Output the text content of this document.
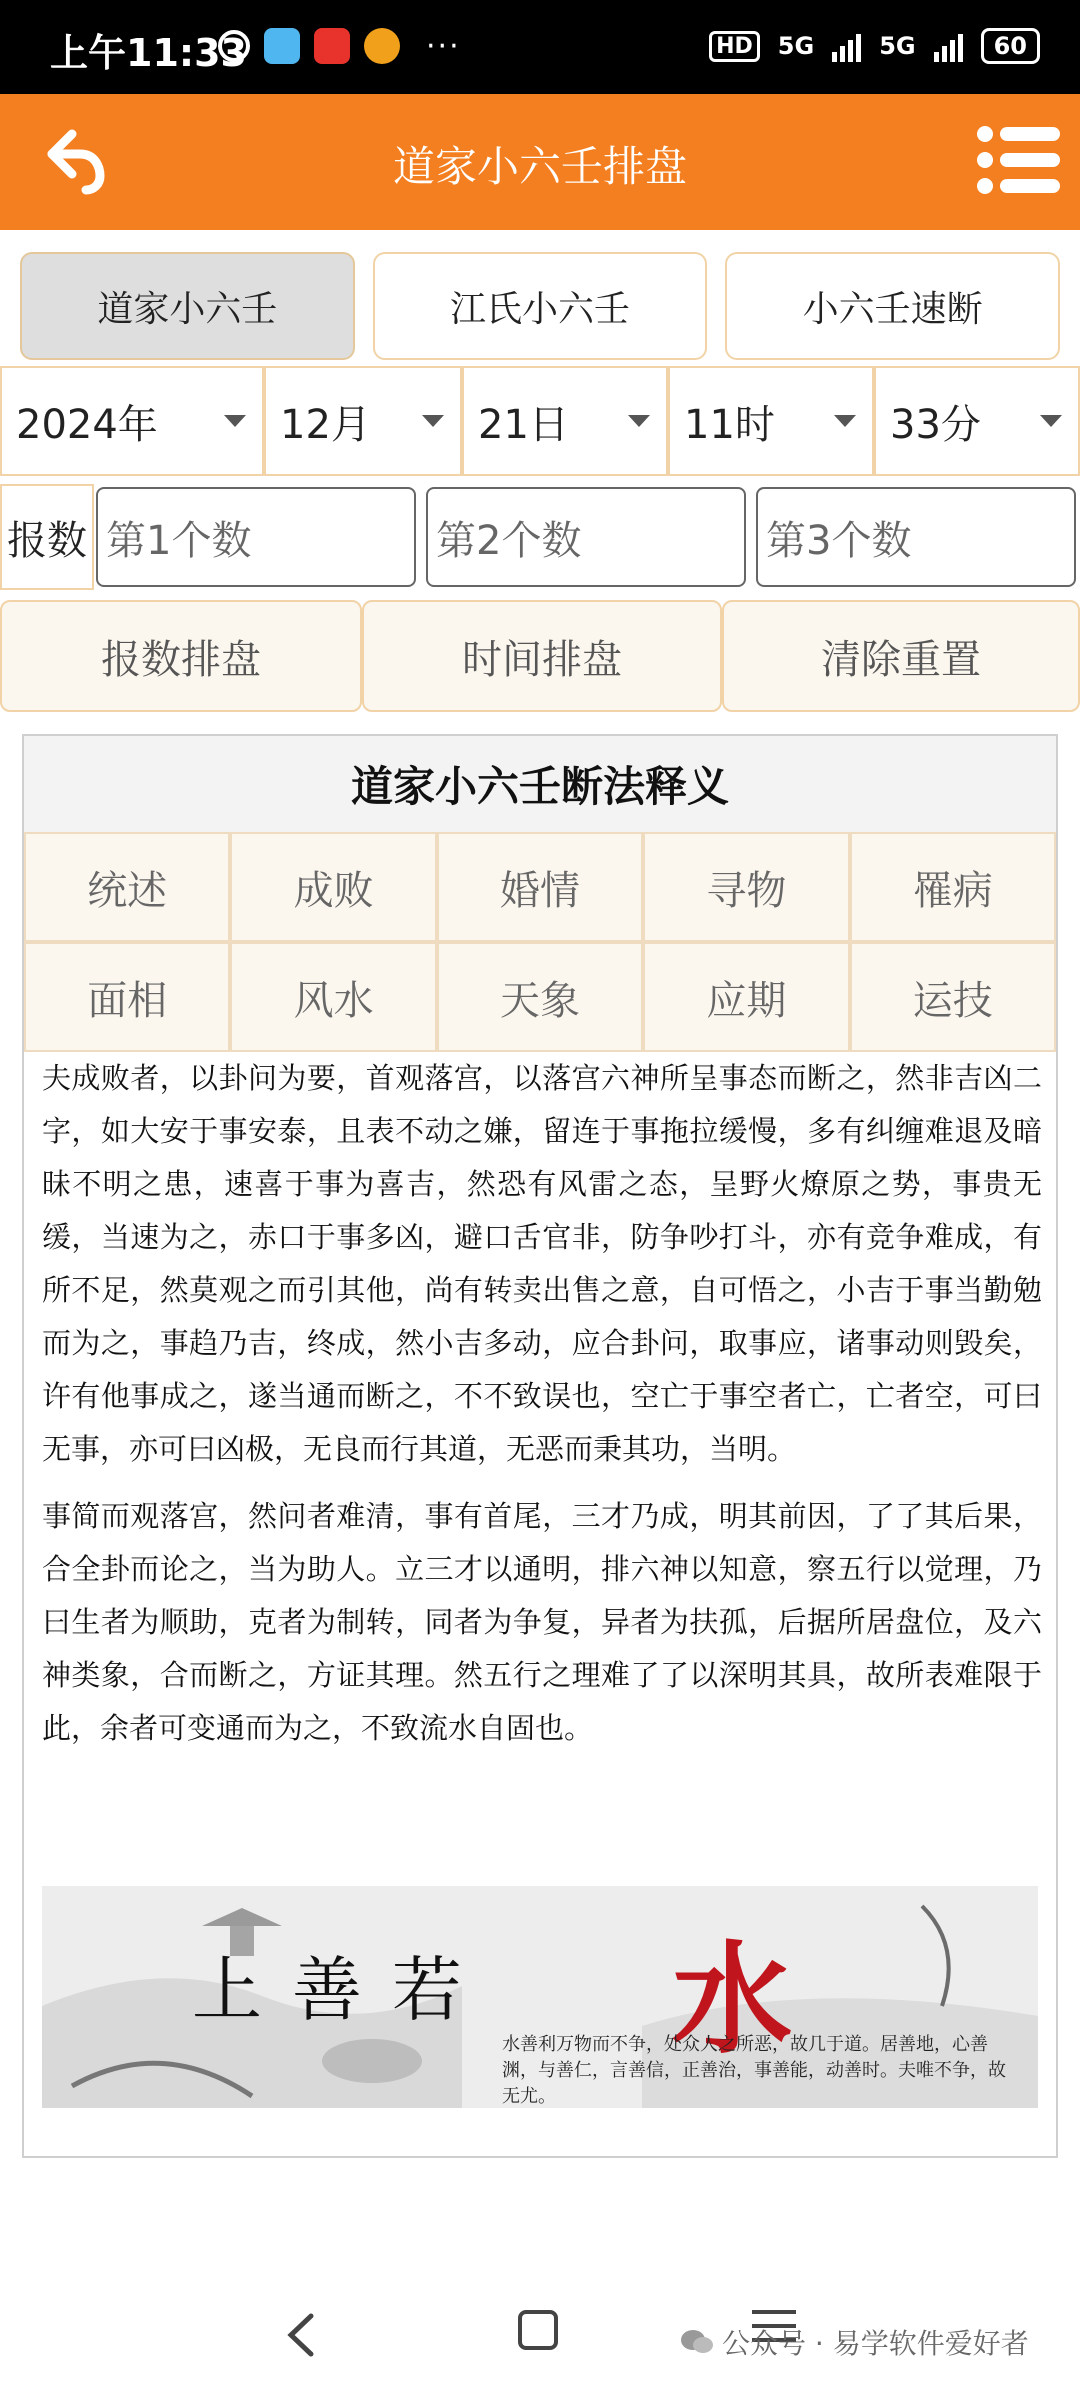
上午11:33	···	HD 5G	5G	60
道家小六壬排盘
道家小六壬	江氏小六壬	小六壬速断
2024年	12月	21日	11时	33分
报数 第1个数	第2个数	第3个数
报数排盘	时间排盘	清除重置
道家小六壬断法释义
统述	成败	婚情	寻物	罹病
面相	风水	天象	应期	运技

夫成败者，以卦问为要，首观落宫，以落宫六神所呈事态而断之，然非吉凶二字，如大安于事安泰，且表不动之嫌，留连于事拖拉缓慢，多有纠缠难退及暗昧不明之患，速喜于事为喜吉，然恐有风雷之态，呈野火燎原之势，事贵无缓，当速为之，赤口于事多凶，避口舌官非，防争吵打斗，亦有竞争难成，有所不足，然莫观之而引其他，尚有转卖出售之意，自可悟之，小吉于事当勤勉而为之，事趋乃吉，终成，然小吉多动，应合卦问，取事应，诸事动则毁矣，许有他事成之，遂当通而断之，不不致误也，空亡于事空者亡，亡者空，可曰无事，亦可曰凶极，无良而行其道，无恶而秉其功，当明。

事简而观落宫，然问者难清，事有首尾，三才乃成，明其前因，了了其后果，合全卦而论之，当为助人。立三才以通明，排六神以知意，察五行以觉理，乃曰生者为顺助，克者为制转，同者为争复，异者为扶孤，后据所居盘位，及六神类象，合而断之，方证其理。然五行之理难了了以深明其具，故所表难限于此，余者可变通而为之，不致流水自固也。

上善若 水
水善利万物而不争，处众人之所恶，故几于道。居善地，心善渊，与善仁，言善信，正善治，事善能，动善时。夫唯不争，故无尤。
公众号 · 易学软件爱好者
